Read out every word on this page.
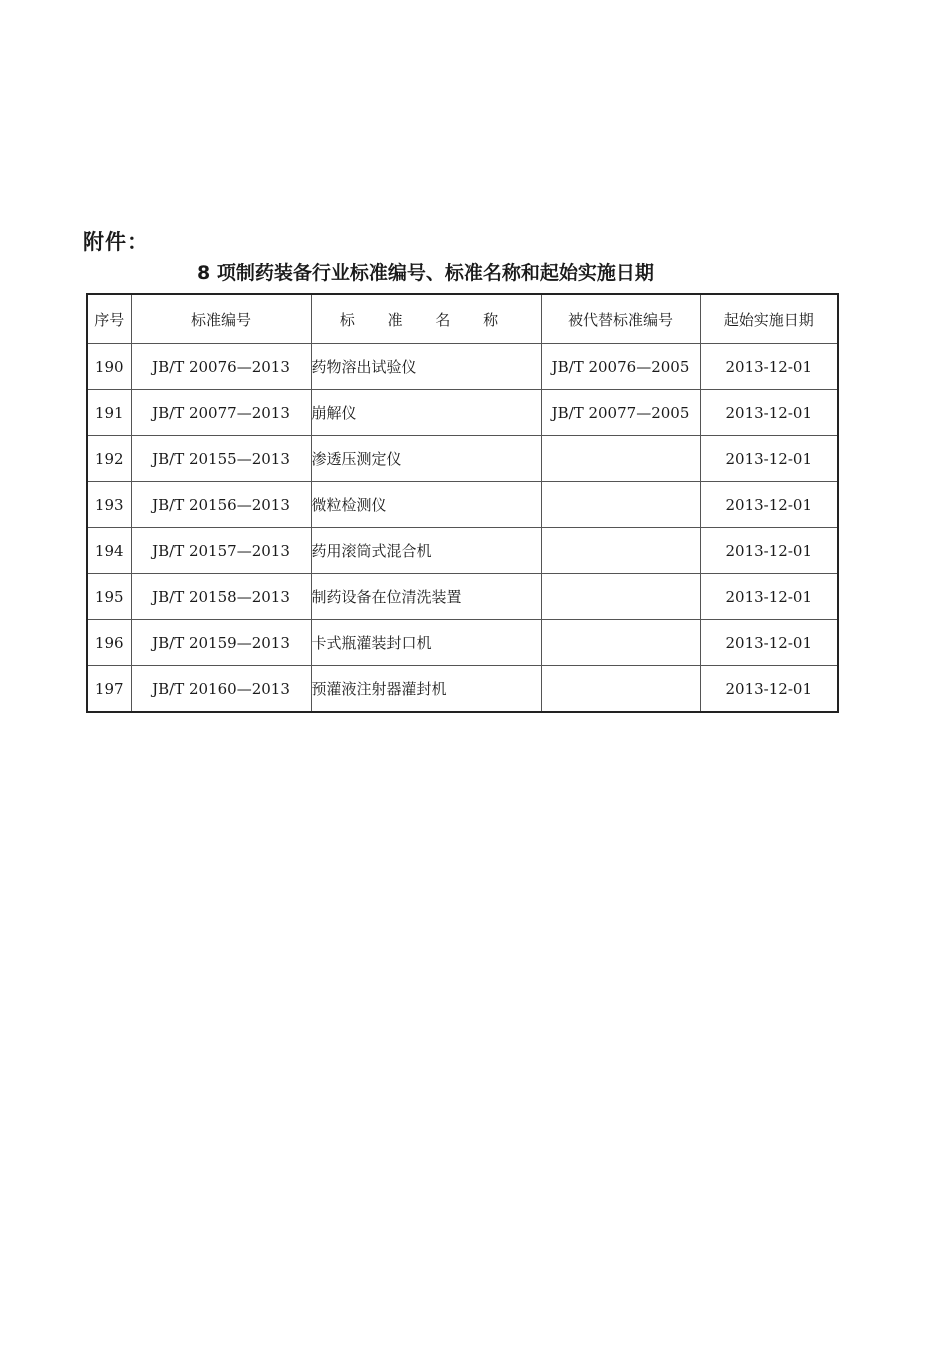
附件：
8 项制药装备行业标准编号、标准名称和起始实施日期
序号	标准编号	标 准 名 称	被代替标准编号	起始实施日期
190	JB/T 20076—2013	药物溶出试验仪	JB/T 20076—2005	2013-12-01
191	JB/T 20077—2013	崩解仪	JB/T 20077—2005	2013-12-01
192	JB/T 20155—2013	渗透压测定仪		2013-12-01
193	JB/T 20156—2013	微粒检测仪		2013-12-01
194	JB/T 20157—2013	药用滚筒式混合机		2013-12-01
195	JB/T 20158—2013	制药设备在位清洗装置		2013-12-01
196	JB/T 20159—2013	卡式瓶灌装封口机		2013-12-01
197	JB/T 20160—2013	预灌液注射器灌封机		2013-12-01
